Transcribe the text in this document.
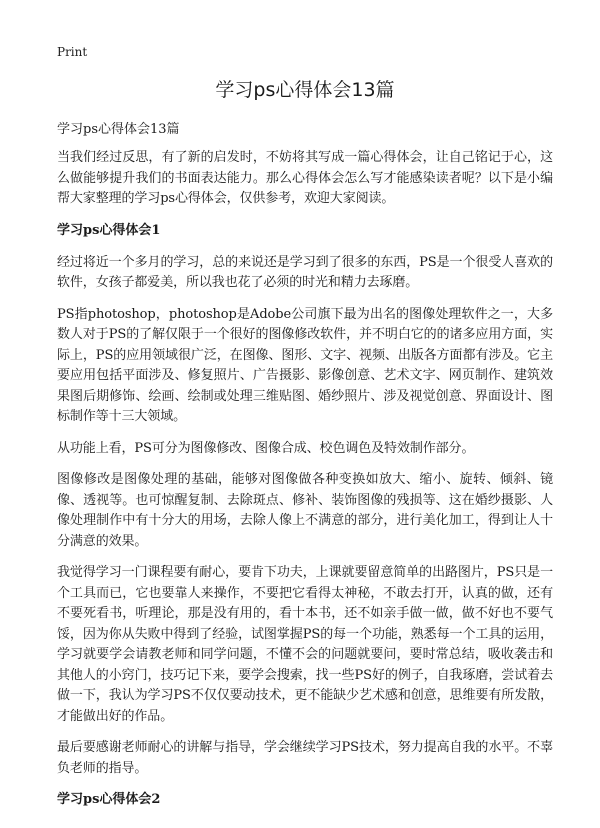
Print
学习ps心得体会13篇

学习ps心得体会13篇

当我们经过反思，有了新的启发时，不妨将其写成一篇心得体会，让自己铭记于心，这么做能够提升我们的书面表达能力。那么心得体会怎么写才能感染读者呢？以下是小编帮大家整理的学习ps心得体会，仅供参考，欢迎大家阅读。

学习ps心得体会1

经过将近一个多月的学习，总的来说还是学习到了很多的东西，PS是一个很受人喜欢的软件，女孩子都爱美，所以我也花了必须的时光和精力去琢磨。

PS指photoshop，photoshop是Adobe公司旗下最为出名的图像处理软件之一，大多数人对于PS的了解仅限于一个很好的图像修改软件，并不明白它的的诸多应用方面，实际上，PS的应用领域很广泛，在图像、图形、文字、视频、出版各方面都有涉及。它主要应用包括平面涉及、修复照片、广告摄影、影像创意、艺术文字、网页制作、建筑效果图后期修饰、绘画、绘制或处理三维贴图、婚纱照片、涉及视觉创意、界面设计、图标制作等十三大领域。

从功能上看，PS可分为图像修改、图像合成、校色调色及特效制作部分。

图像修改是图像处理的基础，能够对图像做各种变换如放大、缩小、旋转、倾斜、镜像、透视等。也可惊醒复制、去除斑点、修补、装饰图像的残损等、这在婚纱摄影、人像处理制作中有十分大的用场，去除人像上不满意的部分，进行美化加工，得到让人十分满意的效果。

我觉得学习一门课程要有耐心，要肯下功夫，上课就要留意简单的出路图片，PS只是一个工具而已，它也要靠人来操作，不要把它看得太神秘，不敢去打开，认真的做，还有不要死看书，听理论，那是没有用的，看十本书，还不如亲手做一做，做不好也不要气馁，因为你从失败中得到了经验，试图掌握PS的每一个功能，熟悉每一个工具的运用，学习就要学会请教老师和同学问题，不懂不会的问题就要问，要时常总结，吸收袭击和其他人的小窍门，技巧记下来，要学会搜索，找一些PS好的例子，自我琢磨，尝试着去做一下，我认为学习PS不仅仅要动技术，更不能缺少艺术感和创意，思维要有所发散，才能做出好的作品。

最后要感谢老师耐心的讲解与指导，学会继续学习PS技术，努力提高自我的水平。不辜负老师的指导。

学习ps心得体会2
